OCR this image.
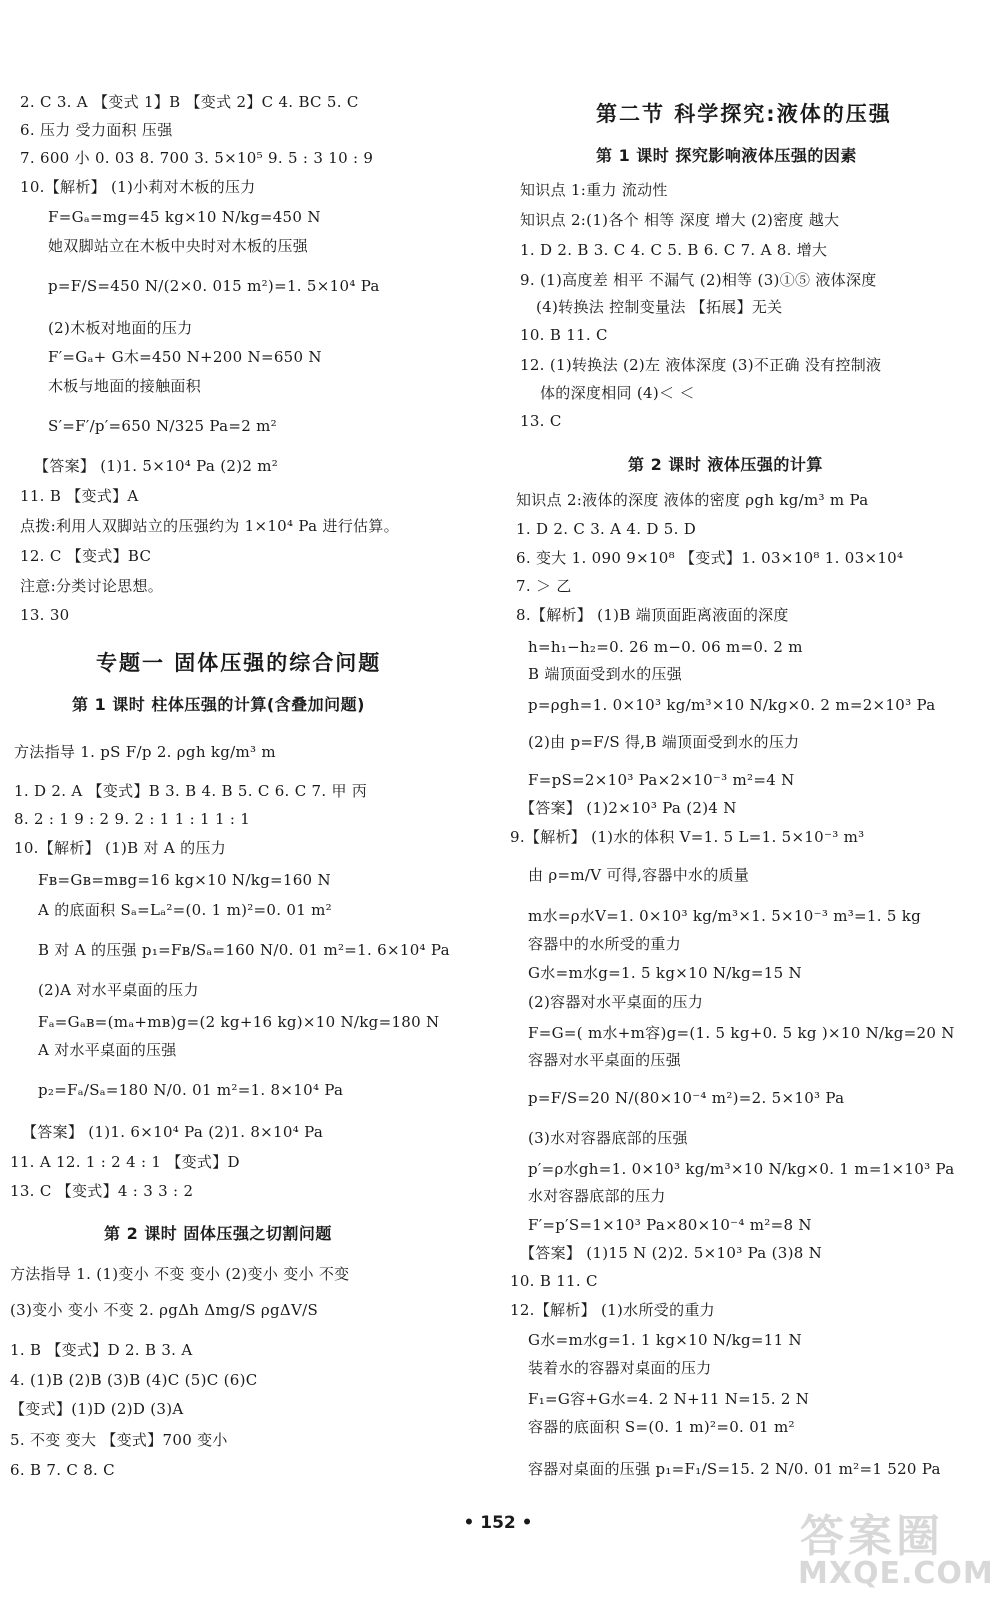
2. C 3. A 【变式 1】B 【变式 2】C 4. BC 5. C
6. 压力 受力面积 压强
7. 600 小 0. 03 8. 700 3. 5×10⁵ 9. 5 : 3 10 : 9
10.【解析】 (1)小莉对木板的压力
F=Gₐ=mg=45 kg×10 N/kg=450 N
她双脚站立在木板中央时对木板的压强
p=F/S=450 N/(2×0. 015 m²)=1. 5×10⁴ Pa
(2)木板对地面的压力
F′=Gₐ+ G木=450 N+200 N=650 N
木板与地面的接触面积
S′=F′/p′=650 N/325 Pa=2 m²
【答案】 (1)1. 5×10⁴ Pa (2)2 m²
11. B 【变式】A
点拨:利用人双脚站立的压强约为 1×10⁴ Pa 进行估算。
12. C 【变式】BC
注意:分类讨论思想。
13. 30
方法指导 1. pS F/p 2. ρgh kg/m³ m
1. D 2. A 【变式】B 3. B 4. B 5. C 6. C 7. 甲 丙
8. 2 : 1 9 : 2 9. 2 : 1 1 : 1 1 : 1
10.【解析】 (1)B 对 A 的压力
Fʙ=Gʙ=mʙg=16 kg×10 N/kg=160 N
A 的底面积 Sₐ=Lₐ²=(0. 1 m)²=0. 01 m²
B 对 A 的压强 p₁=Fʙ/Sₐ=160 N/0. 01 m²=1. 6×10⁴ Pa
(2)A 对水平桌面的压力
Fₐ=Gₐʙ=(mₐ+mʙ)g=(2 kg+16 kg)×10 N/kg=180 N
A 对水平桌面的压强
p₂=Fₐ/Sₐ=180 N/0. 01 m²=1. 8×10⁴ Pa
【答案】 (1)1. 6×10⁴ Pa (2)1. 8×10⁴ Pa
11. A 12. 1 : 2 4 : 1 【变式】D
13. C 【变式】4 : 3 3 : 2
方法指导 1. (1)变小 不变 变小 (2)变小 变小 不变
(3)变小 变小 不变 2. ρgΔh Δmg/S ρgΔV/S
1. B 【变式】D 2. B 3. A
4. (1)B (2)B (3)B (4)C (5)C (6)C
【变式】(1)D (2)D (3)A
5. 不变 变大 【变式】700 变小
6. B 7. C 8. C
专题一 固体压强的综合问题
第 1 课时 柱体压强的计算(含叠加问题)
第 2 课时 固体压强之切割问题
知识点 1:重力 流动性
知识点 2:(1)各个 相等 深度 增大 (2)密度 越大
1. D 2. B 3. C 4. C 5. B 6. C 7. A 8. 增大
9. (1)高度差 相平 不漏气 (2)相等 (3)①⑤ 液体深度
(4)转换法 控制变量法 【拓展】无关
10. B 11. C
12. (1)转换法 (2)左 液体深度 (3)不正确 没有控制液
体的深度相同 (4)＜ ＜
13. C
知识点 2:液体的深度 液体的密度 ρgh kg/m³ m Pa
1. D 2. C 3. A 4. D 5. D
6. 变大 1. 090 9×10⁸ 【变式】1. 03×10⁸ 1. 03×10⁴
7. ＞ 乙
8.【解析】 (1)B 端顶面距离液面的深度
h=h₁−h₂=0. 26 m−0. 06 m=0. 2 m
B 端顶面受到水的压强
p=ρgh=1. 0×10³ kg/m³×10 N/kg×0. 2 m=2×10³ Pa
(2)由 p=F/S 得,B 端顶面受到水的压力
F=pS=2×10³ Pa×2×10⁻³ m²=4 N
【答案】 (1)2×10³ Pa (2)4 N
9.【解析】 (1)水的体积 V=1. 5 L=1. 5×10⁻³ m³
由 ρ=m/V 可得,容器中水的质量
m水=ρ水V=1. 0×10³ kg/m³×1. 5×10⁻³ m³=1. 5 kg
容器中的水所受的重力
G水=m水g=1. 5 kg×10 N/kg=15 N
(2)容器对水平桌面的压力
F=G=( m水+m容)g=(1. 5 kg+0. 5 kg )×10 N/kg=20 N
容器对水平桌面的压强
p=F/S=20 N/(80×10⁻⁴ m²)=2. 5×10³ Pa
(3)水对容器底部的压强
p′=ρ水gh=1. 0×10³ kg/m³×10 N/kg×0. 1 m=1×10³ Pa
水对容器底部的压力
F′=p′S=1×10³ Pa×80×10⁻⁴ m²=8 N
【答案】 (1)15 N (2)2. 5×10³ Pa (3)8 N
10. B 11. C
12.【解析】 (1)水所受的重力
G水=m水g=1. 1 kg×10 N/kg=11 N
装着水的容器对桌面的压力
F₁=G容+G水=4. 2 N+11 N=15. 2 N
容器的底面积 S=(0. 1 m)²=0. 01 m²
容器对桌面的压强 p₁=F₁/S=15. 2 N/0. 01 m²=1 520 Pa
第二节 科学探究:液体的压强
第 1 课时 探究影响液体压强的因素
第 2 课时 液体压强的计算
• 152 •	答案圈
MXQE.COM
